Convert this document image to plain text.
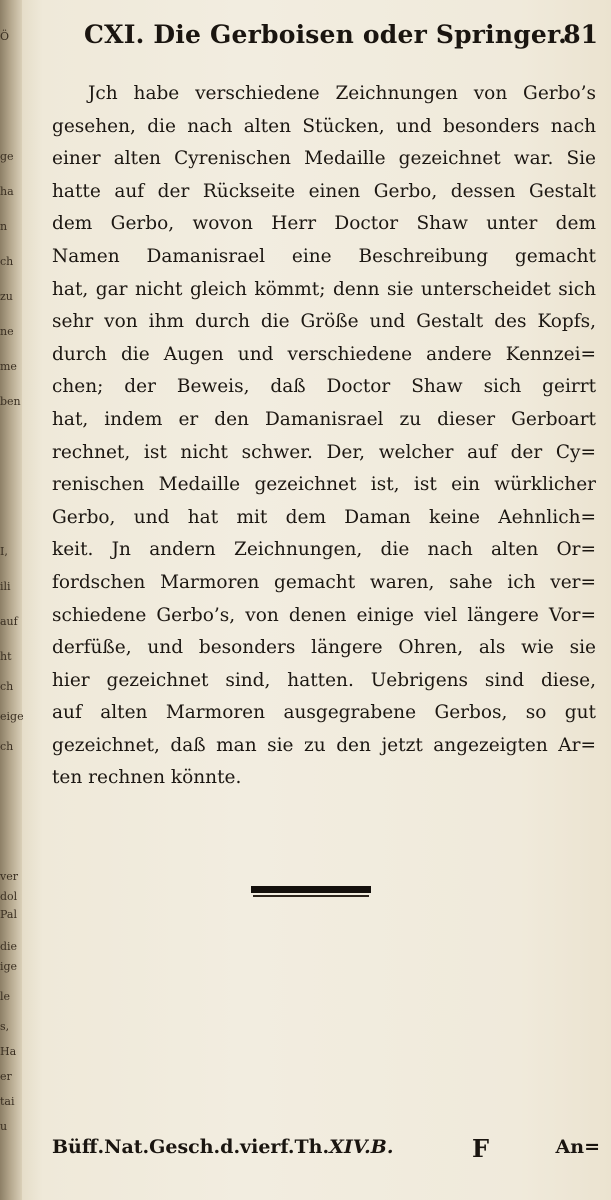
Ö
ge
ha
n
ch
zu
ne
me
ben
I,
ili
auf
ht
ch
eige
ch
ver
dol
Pal
die
ige
le
s,
Ha
er
tai
u
CXI. Die Gerboisen oder Springer.
81
Jch habe verschiedene Zeichnungen von Gerbo’s
gesehen, die nach alten Stücken, und besonders nach
einer alten Cyrenischen Medaille gezeichnet war. Sie
hatte auf der Rückseite einen Gerbo, dessen Gestalt
dem Gerbo, wovon Herr Doctor Shaw unter dem
Namen Damanisrael eine Beschreibung gemacht
hat, gar nicht gleich kömmt; denn sie unterscheidet sich
sehr von ihm durch die Größe und Gestalt des Kopfs,
durch die Augen und verschiedene andere Kennzei=
chen; der Beweis, daß Doctor Shaw sich geirrt
hat, indem er den Damanisrael zu dieser Gerboart
rechnet, ist nicht schwer. Der, welcher auf der Cy=
renischen Medaille gezeichnet ist, ist ein würklicher
Gerbo, und hat mit dem Daman keine Aehnlich=
keit. Jn andern Zeichnungen, die nach alten Or=
fordschen Marmoren gemacht waren, sahe ich ver=
schiedene Gerbo’s, von denen einige viel längere Vor=
derfüße, und besonders längere Ohren, als wie sie
hier gezeichnet sind, hatten. Uebrigens sind diese,
auf alten Marmoren ausgegrabene Gerbos, so gut
gezeichnet, daß man sie zu den jetzt angezeigten Ar=
ten rechnen könnte.
Büff.Nat.Gesch.d.vierf.Th.XIV.B.	F	An=
